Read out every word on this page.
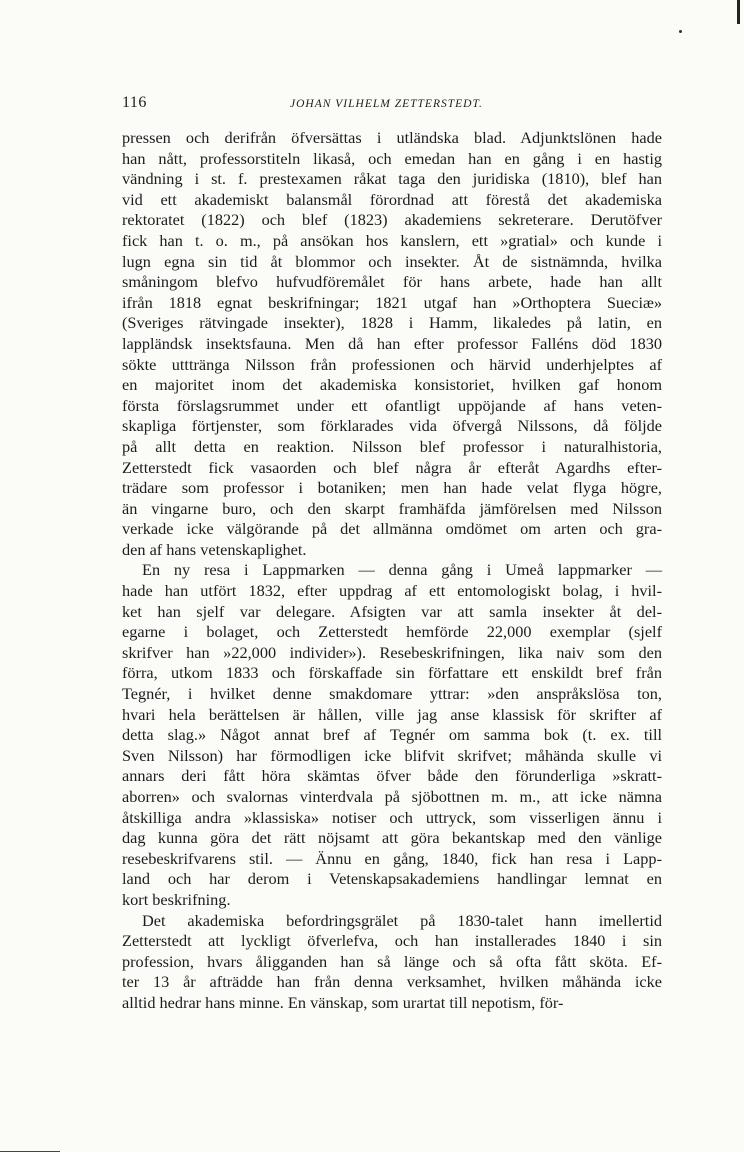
116	JOHAN VILHELM ZETTERSTEDT.
pressen och derifrån öfversättas i utländska blad. Adjunktslönen hade
han nått, professorstiteln likaså, och emedan han en gång i en hastig
vändning i st. f. prestexamen råkat taga den juridiska (1810), blef han
vid ett akademiskt balansmål förordnad att förestå det akademiska
rektoratet (1822) och blef (1823) akademiens sekreterare. Derutöfver
fick han t. o. m., på ansökan hos kanslern, ett »gratial» och kunde i
lugn egna sin tid åt blommor och insekter. Åt de sistnämnda, hvilka
småningom blefvo hufvudföremålet för hans arbete, hade han allt
ifrån 1818 egnat beskrifningar; 1821 utgaf han »Orthoptera Sueciæ»
(Sveriges rätvingade insekter), 1828 i Hamm, likaledes på latin, en
lappländsk insektsfauna. Men då han efter professor Falléns död 1830
sökte utttränga Nilsson från professionen och härvid underhjelptes af
en majoritet inom det akademiska konsistoriet, hvilken gaf honom
första förslagsrummet under ett ofantligt uppöjande af hans veten-
skapliga förtjenster, som förklarades vida öfvergå Nilssons, då följde
på allt detta en reaktion. Nilsson blef professor i naturalhistoria,
Zetterstedt fick vasaorden och blef några år efteråt Agardhs efter-
trädare som professor i botaniken; men han hade velat flyga högre,
än vingarne buro, och den skarpt framhäfda jämförelsen med Nilsson
verkade icke välgörande på det allmänna omdömet om arten och gra-
den af hans vetenskaplighet.
En ny resa i Lappmarken — denna gång i Umeå lappmarker —
hade han utfört 1832, efter uppdrag af ett entomologiskt bolag, i hvil-
ket han sjelf var delegare. Afsigten var att samla insekter åt del-
egarne i bolaget, och Zetterstedt hemförde 22,000 exemplar (sjelf
skrifver han »22,000 individer»). Resebeskrifningen, lika naiv som den
förra, utkom 1833 och förskaffade sin författare ett enskildt bref från
Tegnér, i hvilket denne smakdomare yttrar: »den anspråkslösa ton,
hvari hela berättelsen är hållen, ville jag anse klassisk för skrifter af
detta slag.» Något annat bref af Tegnér om samma bok (t. ex. till
Sven Nilsson) har förmodligen icke blifvit skrifvet; måhända skulle vi
annars deri fått höra skämtas öfver både den förunderliga »skratt-
aborren» och svalornas vinterdvala på sjöbottnen m. m., att icke nämna
åtskilliga andra »klassiska» notiser och uttryck, som visserligen ännu i
dag kunna göra det rätt nöjsamt att göra bekantskap med den vänlige
resebeskrifvarens stil. — Ännu en gång, 1840, fick han resa i Lapp-
land och har derom i Vetenskapsakademiens handlingar lemnat en
kort beskrifning.
Det akademiska befordringsgrälet på 1830-talet hann imellertid
Zetterstedt att lyckligt öfverlefva, och han installerades 1840 i sin
profession, hvars åligganden han så länge och så ofta fått sköta. Ef-
ter 13 år afträdde han från denna verksamhet, hvilken måhända icke
alltid hedrar hans minne. En vänskap, som urartat till nepotism, för-
